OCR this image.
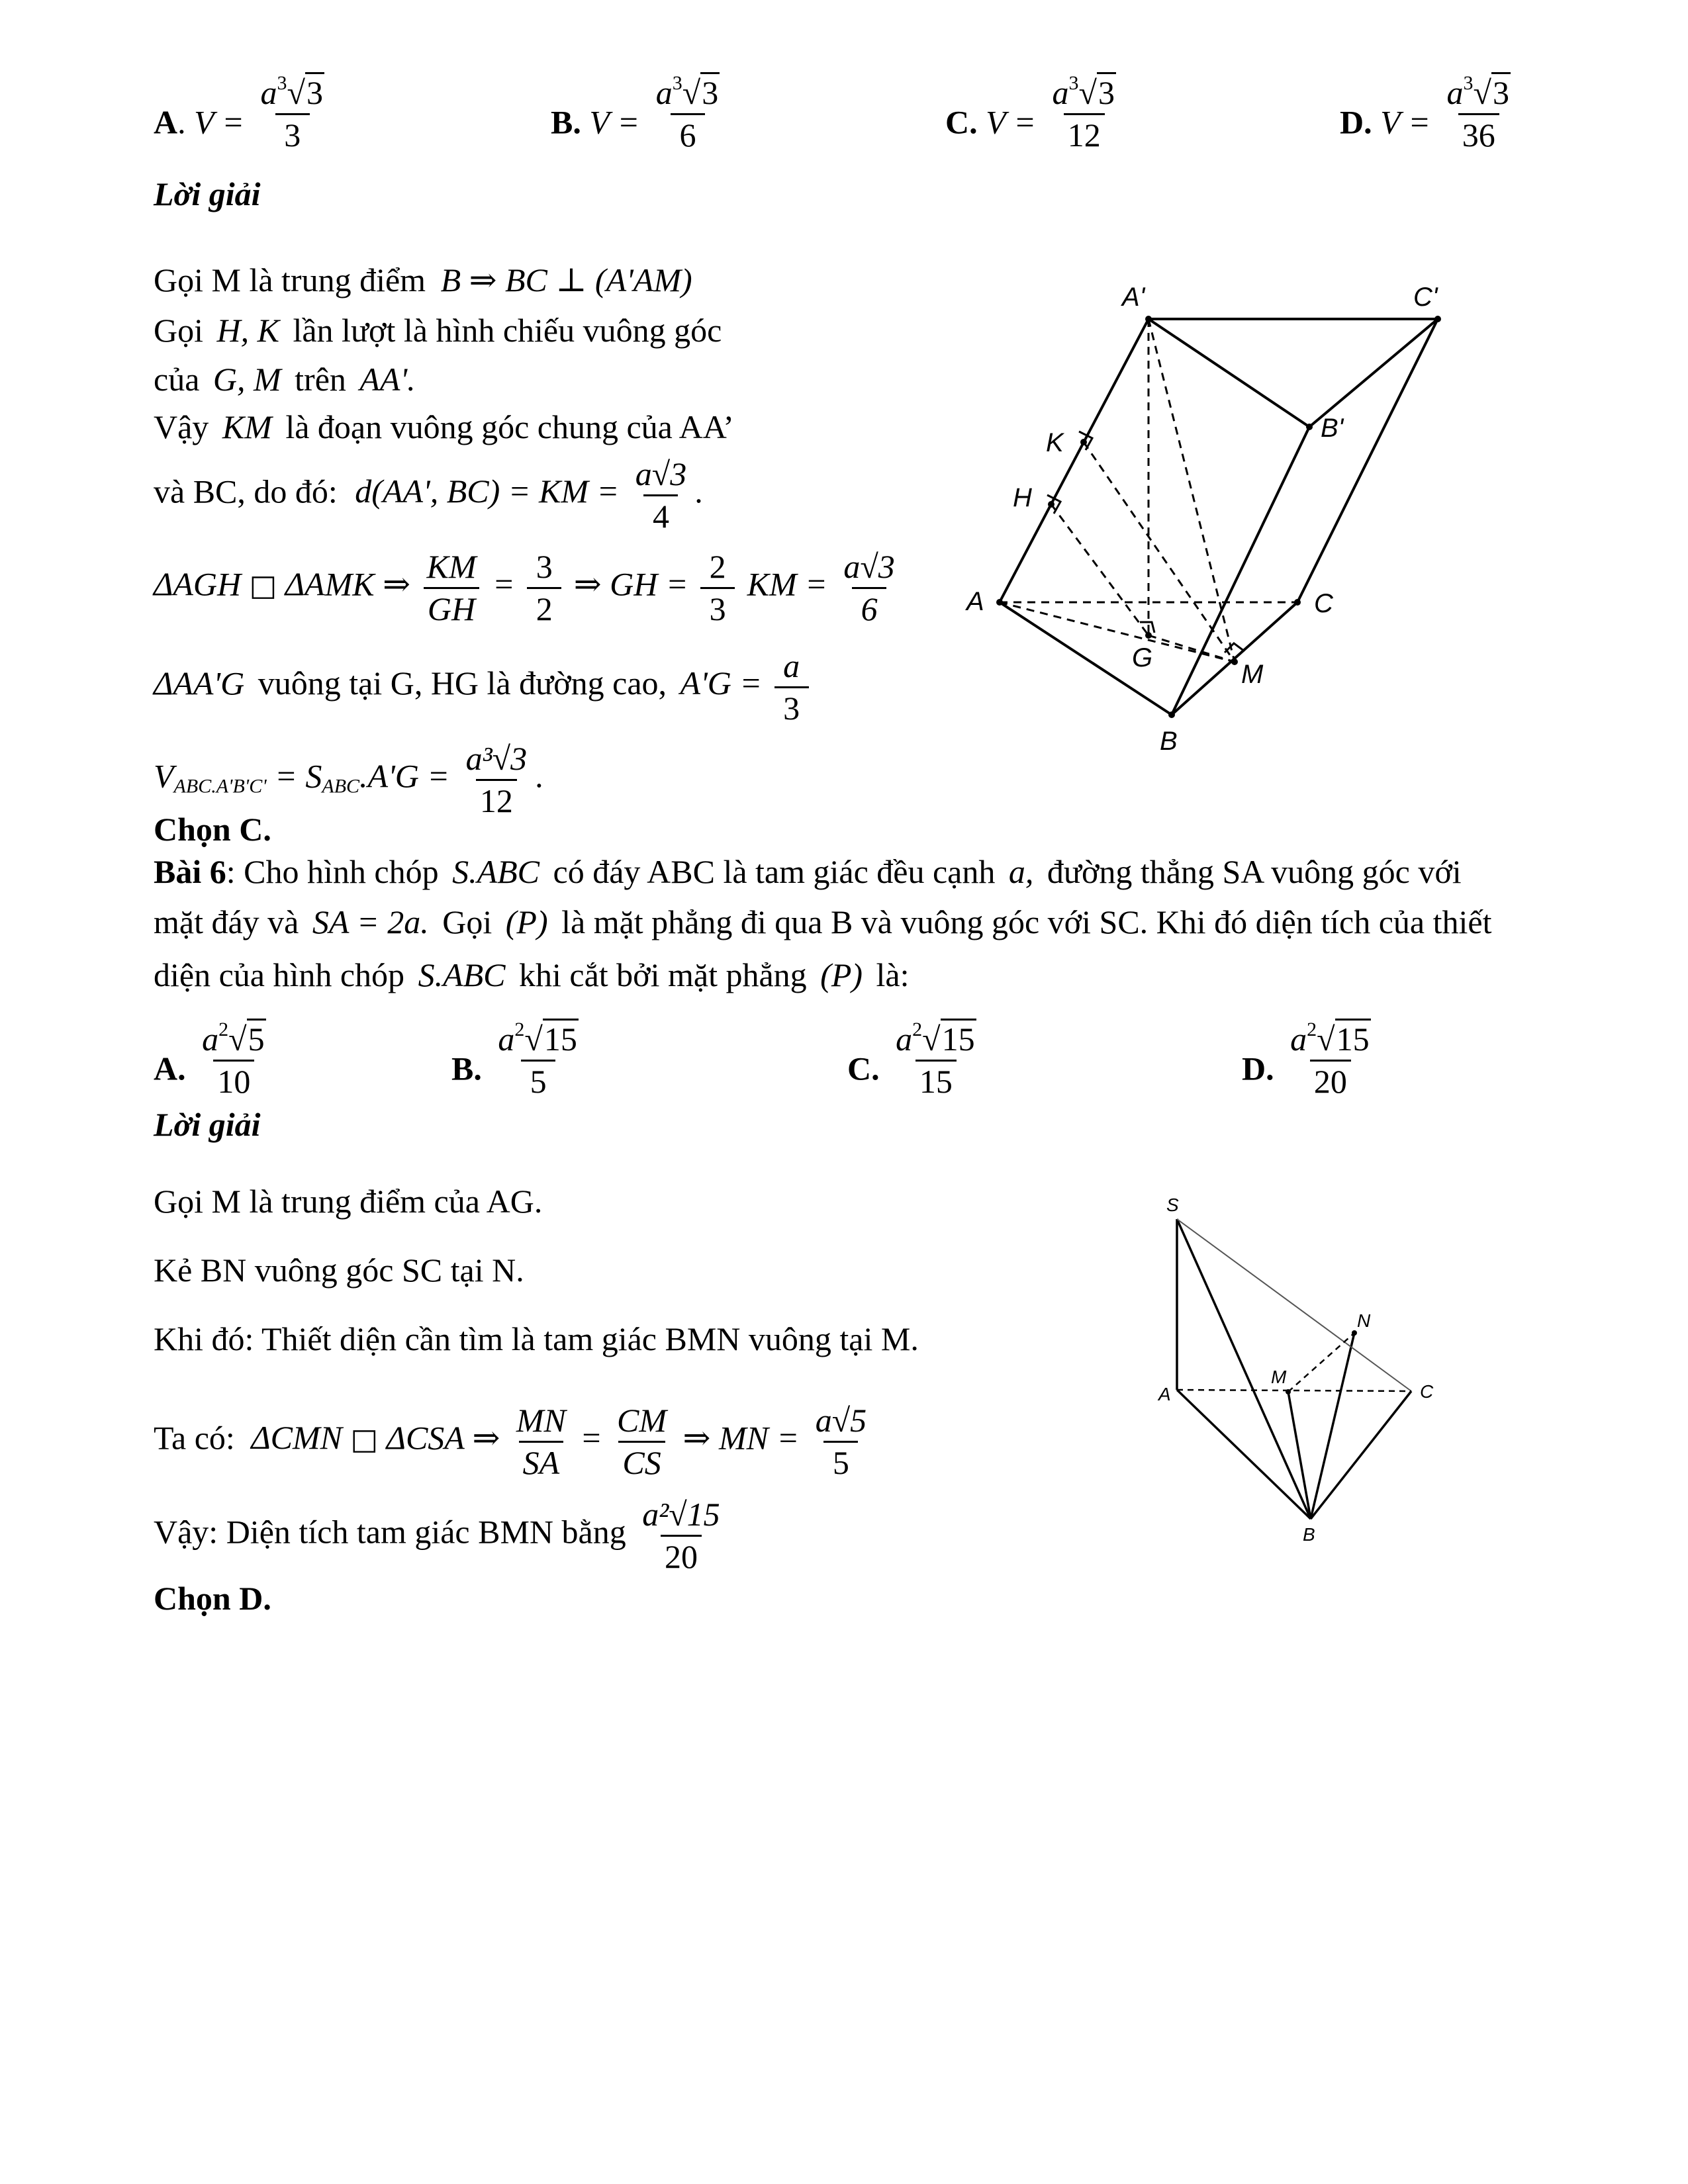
A. $V = \frac{a^3√3}{3}$	B. $V = \frac{a^3√3}{6}$	C. $V = \frac{a^3√3}{12}$	D. $V = \frac{a^3√3}{36}$
Lời giải
Gọi M là trung điểm B ⇒ BC ⊥ (A'AM)
Gọi H, K lần lượt là hình chiếu vuông góc
của G, M trên AA'.
Vậy KM là đoạn vuông góc chung của AA’
và BC, do đó: d(AA', BC) = KM = $\frac{a√3}{4}$ .
ΔAGH □ ΔAMK ⇒ $\frac{KM}{GH} = \frac{3}{2}$ ⇒ GH = $\frac{2}{3}$ KM = $\frac{a√3}{6}$
ΔAA'G vuông tại G, HG là đường cao, $A'G = \frac{a}{3}$
$V_{ABC.A'B'C'} = S_{ABC}.A'G = \frac{\text{a³√3}}{12}$ .
Chọn C.
A'	C'
B'
K
H
A	C
G
M
B
Bài 6: Cho hình chóp S.ABC có đáy ABC là tam giác đều cạnh a, đường thẳng SA vuông góc với
mặt đáy và SA = 2a. Gọi (P) là mặt phẳng đi qua B và vuông góc với SC. Khi đó diện tích của thiết
diện của hình chóp S.ABC khi cắt bởi mặt phẳng (P) là:
A. $\frac{a^2√5}{10}$	B. $\frac{a^2√15}{5}$	C. $\frac{a^2√15}{15}$	D. $\frac{a^2√15}{20}$
Lời giải
Gọi M là trung điểm của AG.
Kẻ BN vuông góc SC tại N.
Khi đó: Thiết diện cần tìm là tam giác BMN vuông tại M.
Ta có: ΔCMN □ ΔCSA ⇒ $\frac{MN}{SA} = \frac{CM}{CS}$ ⇒ MN = $\frac{a√5}{5}$
Vậy: Diện tích tam giác BMN bằng $\frac{\text{a²√15}}{20}$
Chọn D.
S
N
M
A	C
B
